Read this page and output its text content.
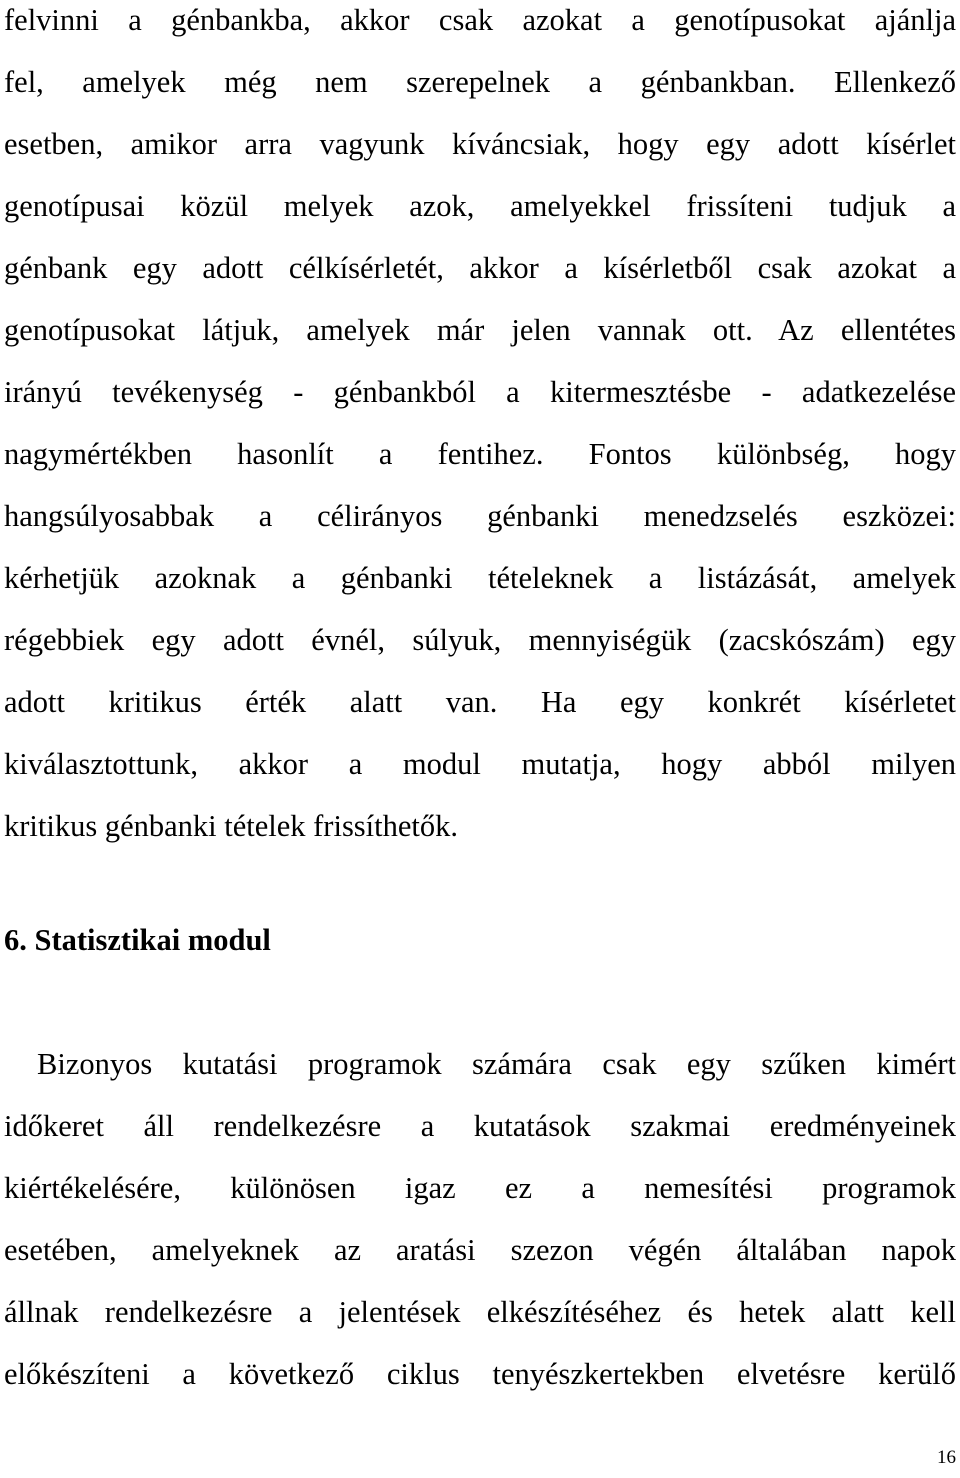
felvinni a génbankba, akkor csak azokat a genotípusokat ajánlja

fel, amelyek még nem szerepelnek a génbankban. Ellenkező

esetben, amikor arra vagyunk kíváncsiak, hogy egy adott kísérlet

genotípusai közül melyek azok, amelyekkel frissíteni tudjuk a

génbank egy adott célkísérletét, akkor a kísérletből csak azokat a

genotípusokat látjuk, amelyek már jelen vannak ott. Az ellentétes

irányú tevékenység - génbankból a kitermesztésbe - adatkezelése

nagymértékben hasonlít a fentihez. Fontos különbség, hogy

hangsúlyosabbak a célirányos génbanki menedzselés eszközei:

kérhetjük azoknak a génbanki tételeknek a listázását, amelyek

régebbiek egy adott évnél, súlyuk, mennyiségük (zacskószám) egy

adott kritikus érték alatt van. Ha egy konkrét kísérletet

kiválasztottunk, akkor a modul mutatja, hogy abból milyen

kritikus génbanki tételek frissíthetők.

6. Statisztikai modul

Bizonyos kutatási programok számára csak egy szűken kimért

időkeret áll rendelkezésre a kutatások szakmai eredményeinek

kiértékelésére, különösen igaz ez a nemesítési programok

esetében, amelyeknek az aratási szezon végén általában napok

állnak rendelkezésre a jelentések elkészítéséhez és hetek alatt kell

előkészíteni a következő ciklus tenyészkertekben elvetésre kerülő

16
